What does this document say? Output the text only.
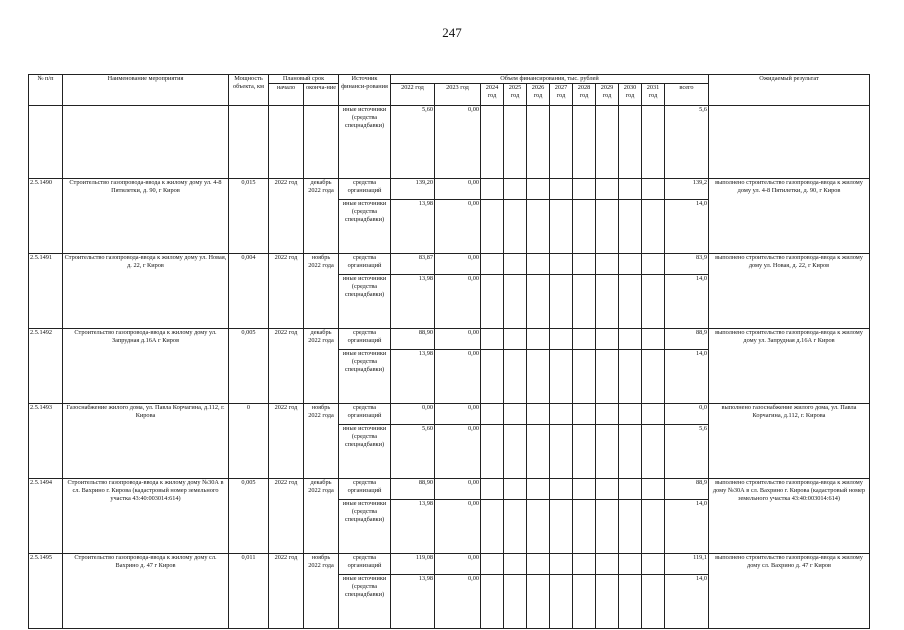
247
№ п/п	Наименование мероприятия	Мощность объекта, км	Плановый срок		Источник финанси-рования	Объем финансирования, тыс. рублей											Ожидаемый результат
			начало	оконча-ние		2022 год	2023 год	2024 год	2025 год	2026 год	2027 год	2028 год	2029 год	2030 год	2031 год	всего	
					иные источники (средства спецнадбавки)	5,60	0,00									5,6	
2.5.1490	Строительство газопровода-ввода к жилому дому ул. 4-8 Пятилетки, д. 90, г Киров	0,015	2022 год	декабрь 2022 года	средства организаций	139,20	0,00									139,2	выполнено строительство газопровода-ввода к жилому дому ул. 4-8 Пятилетки, д. 90, г Киров
					иные источники (средства спецнадбавки)	13,98	0,00									14,0	
2.5.1491	Строительство газопровода-ввода к жилому дому ул. Новая, д. 22, г Киров	0,004	2022 год	ноябрь 2022 года	средства организаций	83,87	0,00									83,9	выполнено строительство газопровода-ввода к жилому дому ул. Новая, д. 22, г Киров
					иные источники (средства спецнадбавки)	13,98	0,00									14,0	
2.5.1492	Строительство газопровода-ввода к жилому дому ул. Запрудная д.16А г Киров	0,005	2022 год	декабрь 2022 года	средства организаций	88,90	0,00									88,9	выполнено строительство газопровода-ввода к жилому дому ул. Запрудная д.16А г Киров
					иные источники (средства спецнадбавки)	13,98	0,00									14,0	
2.5.1493	Газоснабжение жилого дома, ул. Павла Корчагина, д.112, г. Кирова	0	2022 год	ноябрь 2022 года	средства организаций	0,00	0,00									0,0	выполнено газоснабжение жилого дома, ул. Павла Корчагина, д.112, г. Кирова
					иные источники (средства спецнадбавки)	5,60	0,00									5,6	
2.5.1494	Строительство газопровода-ввода к жилому дому №30А в сл. Вахрино г. Кирова (кадастровый номер земельного участка 43:40:003014:614)	0,005	2022 год	декабрь 2022 года	средства организаций	88,90	0,00									88,9	выполнено строительство газопровода-ввода к жилому дому №30А в сл. Вахрино г. Кирова (кадастровый номер земельного участка 43:40:003014:614)
					иные источники (средства спецнадбавки)	13,98	0,00									14,0	
2.5.1495	Строительство газопровода-ввода к жилому дому сл. Вахрино д. 47 г Киров	0,011	2022 год	ноябрь 2022 года	средства организаций	119,08	0,00									119,1	выполнено строительство газопровода-ввода к жилому дому сл. Вахрино д. 47 г Киров
					иные источники (средства спецнадбавки)	13,98	0,00									14,0	
